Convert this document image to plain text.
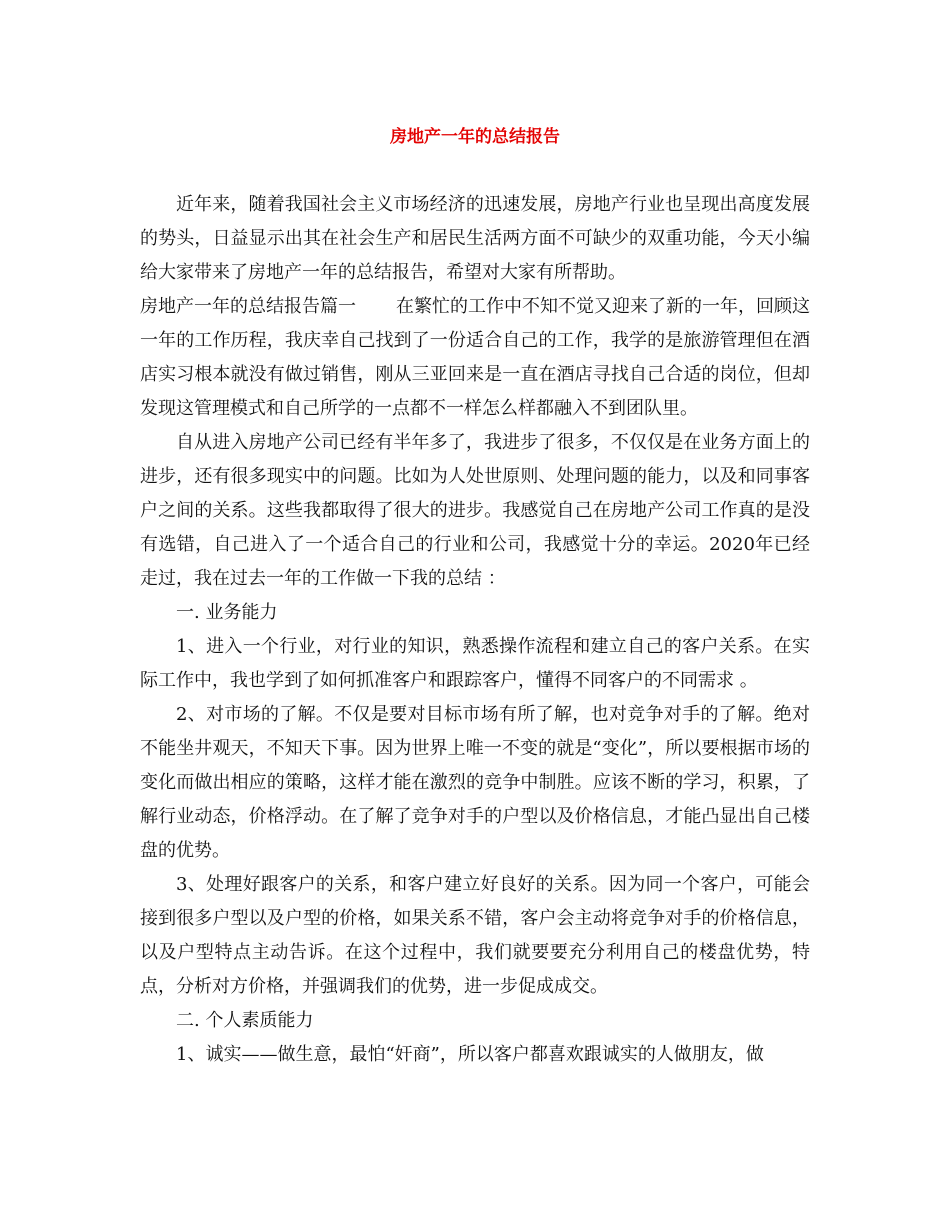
房地产一年的总结报告

近年来，随着我国社会主义市场经济的迅速发展，房地产行业也呈现出高度发展的势头，日益显示出其在社会生产和居民生活两方面不可缺少的双重功能，今天小编给大家带来了房地产一年的总结报告，希望对大家有所帮助。

房地产一年的总结报告篇一 在繁忙的工作中不知不觉又迎来了新的一年，回顾这一年的工作历程，我庆幸自己找到了一份适合自己的工作，我学的是旅游管理但在酒店实习根本就没有做过销售，刚从三亚回来是一直在酒店寻找自己合适的岗位，但却发现这管理模式和自己所学的一点都不一样怎么样都融入不到团队里。

自从进入房地产公司已经有半年多了，我进步了很多，不仅仅是在业务方面上的进步，还有很多现实中的问题。比如为人处世原则、处理问题的能力，以及和同事客户之间的关系。这些我都取得了很大的进步。我感觉自己在房地产公司工作真的是没有选错，自己进入了一个适合自己的行业和公司，我感觉十分的幸运。2020年已经走过，我在过去一年的工作做一下我的总结 ：

一. 业务能力

1、进入一个行业，对行业的知识，熟悉操作流程和建立自己的客户关系。在实际工作中，我也学到了如何抓准客户和跟踪客户，懂得不同客户的不同需求 。

2、对市场的了解。不仅是要对目标市场有所了解，也对竞争对手的了解。绝对不能坐井观天，不知天下事。因为世界上唯一不变的就是“变化”，所以要根据市场的变化而做出相应的策略，这样才能在激烈的竞争中制胜。应该不断的学习，积累，了解行业动态，价格浮动。在了解了竞争对手的户型以及价格信息，才能凸显出自己楼盘的优势。

3、处理好跟客户的关系，和客户建立好良好的关系。因为同一个客户，可能会接到很多户型以及户型的价格，如果关系不错，客户会主动将竞争对手的价格信息，以及户型特点主动告诉。在这个过程中，我们就要要充分利用自己的楼盘优势，特点，分析对方价格，并强调我们的优势，进一步促成成交。

二. 个人素质能力

1、诚实——做生意，最怕“奸商”，所以客户都喜欢跟诚实的人做朋友，做
